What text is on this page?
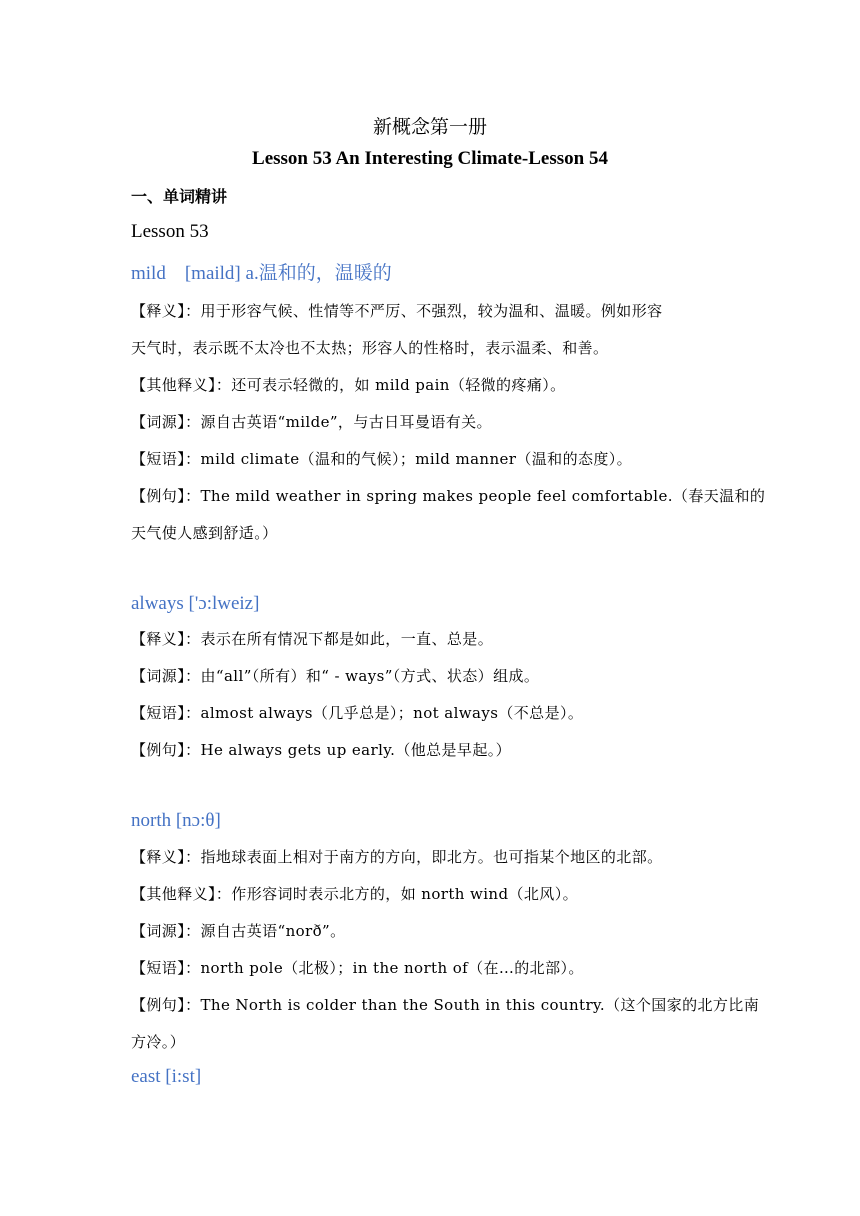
新概念第一册
Lesson 53 An Interesting Climate-Lesson 54
一、单词精讲
Lesson 53
mild　[maild] a.温和的，温暖的
【释义】：用于形容气候、性情等不严厉、不强烈，较为温和、温暖。例如形容
天气时，表示既不太冷也不太热；形容人的性格时，表示温柔、和善。
【其他释义】：还可表示轻微的，如 mild pain（轻微的疼痛）。
【词源】：源自古英语“milde”，与古日耳曼语有关。
【短语】：mild climate（温和的气候）；mild manner（温和的态度）。
【例句】：The mild weather in spring makes people feel comfortable.（春天温和的
天气使人感到舒适。）
always ['ɔ:lweiz]
【释义】：表示在所有情况下都是如此，一直、总是。
【词源】：由“all”（所有）和“ - ways”（方式、状态）组成。
【短语】：almost always（几乎总是）；not always（不总是）。
【例句】：He always gets up early.（他总是早起。）
north [nɔ:θ]
【释义】：指地球表面上相对于南方的方向，即北方。也可指某个地区的北部。
【其他释义】：作形容词时表示北方的，如 north wind（北风）。
【词源】：源自古英语“norð”。
【短语】：north pole（北极）；in the north of（在…的北部）。
【例句】：The North is colder than the South in this country.（这个国家的北方比南
方冷。）
east [i:st]
